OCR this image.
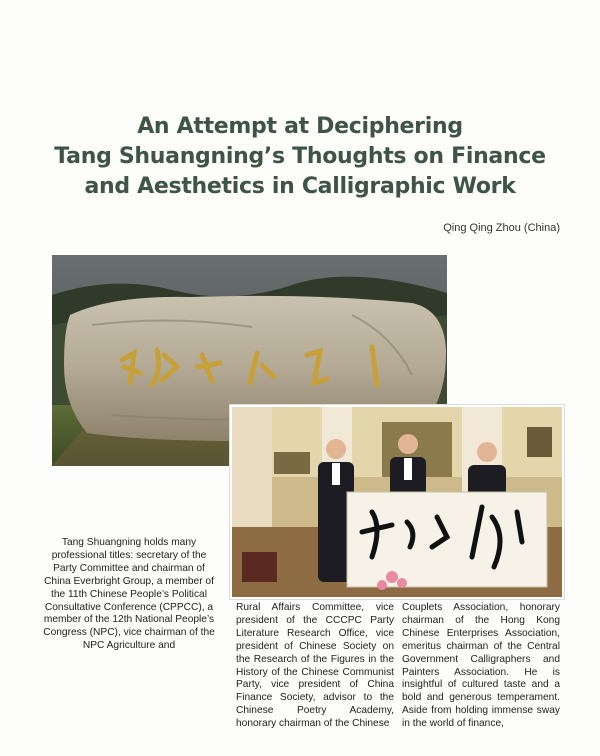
An Attempt at Deciphering
Tang Shuangning’s Thoughts on Finance
and Aesthetics in Calligraphic Work
Qing Qing Zhou (China)
Tang Shuangning holds many professional titles: secretary of the Party Committee and chairman of China Everbright Group, a member of the 11th Chinese People’s Political Consultative Conference (CPPCC), a member of the 12th National People’s Congress (NPC), vice chairman of the NPC Agriculture and
Rural Affairs Committee, vice president of the CCCPC Party Literature Research Office, vice president of Chinese Society on the Research of the Figures in the History of the Chinese Communist Party, vice president of China Finance Society, advisor to the Chinese Poetry Academy, honorary chairman of the Chinese
Couplets Association, honorary chairman of the Hong Kong Chinese Enterprises Association, emeritus chairman of the Central Government Calligraphers and Painters Association. He is insightful of cultured taste and a bold and generous temperament. Aside from holding immense sway in the world of finance,
